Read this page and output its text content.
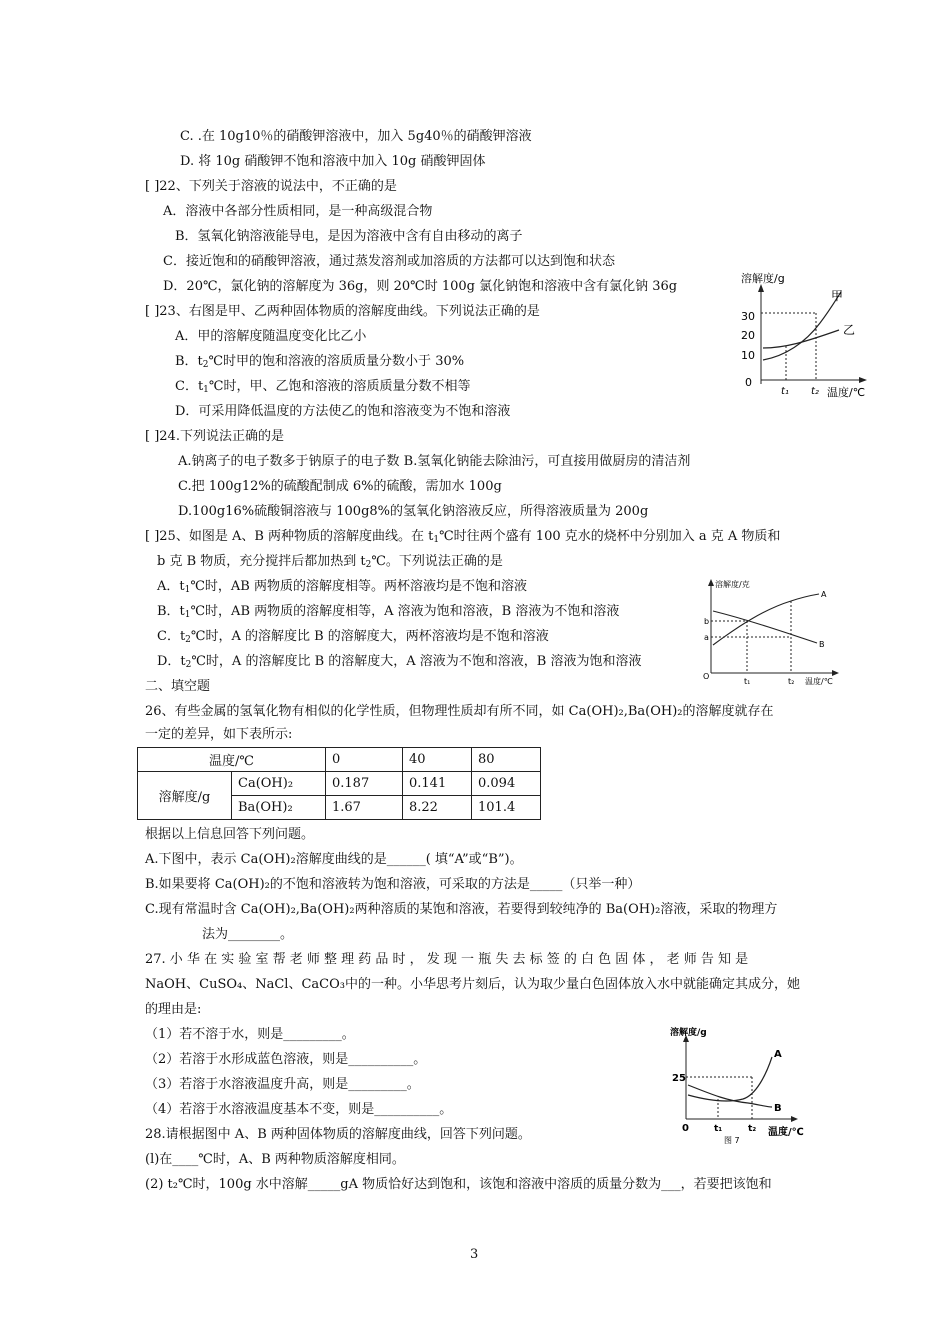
C. .在 10g10％的硝酸钾溶液中，加入 5g40％的硝酸钾溶液
D. 将 10g 硝酸钾不饱和溶液中加入 10g 硝酸钾固体
[ ]22、下列关于溶液的说法中，不正确的是
A．溶液中各部分性质相同，是一种高级混合物
B．氢氧化钠溶液能导电，是因为溶液中含有自由移动的离子
C．接近饱和的硝酸钾溶液，通过蒸发溶剂或加溶质的方法都可以达到饱和状态
D．20℃，氯化钠的溶解度为 36g，则 20℃时 100g 氯化钠饱和溶液中含有氯化钠 36g
[ ]23、右图是甲、乙两种固体物质的溶解度曲线。下列说法正确的是
A．甲的溶解度随温度变化比乙小
B．$t_2℃$时甲的饱和溶液的溶质质量分数小于 30%
C．$t_1℃$时，甲、乙饱和溶液的溶质质量分数不相等
D．可采用降低温度的方法使乙的饱和溶液变为不饱和溶液
溶解度/g
30
20
10
0
甲
乙
t₁ t₂ 温度/℃
[ ]24.下列说法正确的是
A.钠离子的电子数多于钠原子的电子数 B.氢氧化钠能去除油污，可直接用做厨房的清洁剂
C.把 100g12%的硫酸配制成 6%的硫酸，需加水 100g
D.100g16%硫酸铜溶液与 100g8%的氢氧化钠溶液反应，所得溶液质量为 200g
[ ]25、如图是 A、B 两种物质的溶解度曲线。在 $t_1℃$时往两个盛有 100 克水的烧杯中分别加入 a 克 A 物质和
b 克 B 物质，充分搅拌后都加热到 $t_2℃$。下列说法正确的是
A．$t_1℃$时，AB 两物质的溶解度相等。两杯溶液均是不饱和溶液
B．$t_1℃$时，AB 两物质的溶解度相等，A 溶液为饱和溶液，B 溶液为不饱和溶液
C．$t_2℃$时，A 的溶解度比 B 的溶解度大，两杯溶液均是不饱和溶液
D．$t_2℃$时，A 的溶解度比 B 的溶解度大，A 溶液为不饱和溶液，B 溶液为饱和溶液
溶解度/克
b
a
O
A
B
t₁	t₂ 温度/℃
二、填空题
26、有些金属的氢氧化物有相似的化学性质，但物理性质却有所不同，如 Ca(OH)₂,Ba(OH)₂的溶解度就存在
一定的差异，如下表所示:
温度/℃		0	40	80
溶解度/g	Ca(OH)₂	0.187	0.141	0.094
	Ba(OH)₂	1.67	8.22	101.4
根据以上信息回答下列问题。
A.下图中，表示 Ca(OH)₂溶解度曲线的是______( 填“A”或“B”)。
B.如果要将 Ca(OH)₂的不饱和溶液转为饱和溶液，可采取的方法是_____（只举一种）
C.现有常温时含 Ca(OH)₂,Ba(OH)₂两种溶质的某饱和溶液，若要得到较纯净的 Ba(OH)₂溶液，采取的物理方
法为________。
27. 小 华 在 实 验 室 帮 老 师 整 理 药 品 时 ， 发 现 一 瓶 失 去 标 签 的 白 色 固 体 ， 老 师 告 知 是
NaOH、CuSO₄、NaCl、CaCO₃中的一种。小华思考片刻后，认为取少量白色固体放入水中就能确定其成分，她
的理由是:
（1）若不溶于水，则是_________。
（2）若溶于水形成蓝色溶液，则是__________。
（3）若溶于水溶液温度升高，则是_________。
（4）若溶于水溶液温度基本不变，则是__________。
溶解度/g
25
A
B
0	t₁	t₂ 温度/℃
图 7
28.请根据图中 A、B 两种固体物质的溶解度曲线，回答下列问题。
(l)在____℃时，A、B 两种物质溶解度相同。
(2) t₂℃时，100g 水中溶解_____gA 物质恰好达到饱和，该饱和溶液中溶质的质量分数为___，若要把该饱和
3
